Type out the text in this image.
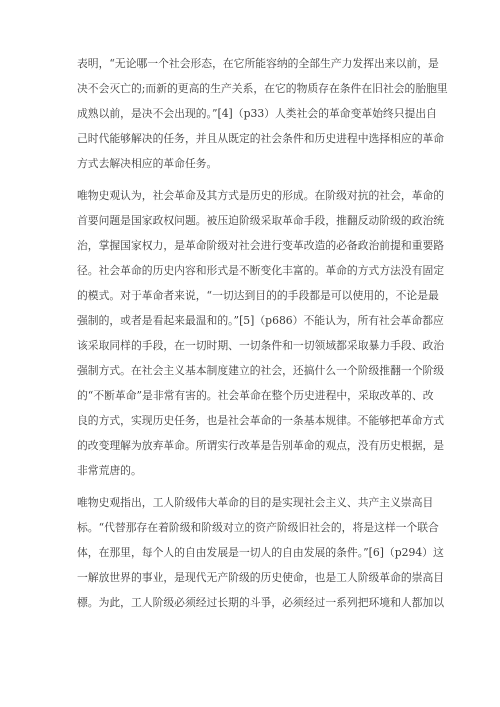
表明，“无论哪一个社会形态，在它所能容纳的全部生产力发挥出来以前，是
决不会灭亡的;而新的更高的生产关系，在它的物质存在条件在旧社会的胎胞里
成熟以前，是决不会出现的。”[4]（p33）人类社会的革命变革始终只提出自
己时代能够解决的任务，并且从既定的社会条件和历史进程中选择相应的革命
方式去解决相应的革命任务。
唯物史观认为，社会革命及其方式是历史的形成。在阶级对抗的社会，革命的
首要问题是国家政权问题。被压迫阶级采取革命手段，推翻反动阶级的政治统
治，掌握国家权力，是革命阶级对社会进行变革改造的必备政治前提和重要路
径。社会革命的历史内容和形式是不断变化丰富的。革命的方式方法没有固定
的模式。对于革命者来说，“一切达到目的的手段都是可以使用的，不论是最
强制的，或者是看起来最温和的。”[5]（p686）不能认为，所有社会革命都应
该采取同样的手段，在一切时期、一切条件和一切领域都采取暴力手段、政治
强制方式。在社会主义基本制度建立的社会，还搞什么一个阶级推翻一个阶级
的“不断革命”是非常有害的。社会革命在整个历史进程中，采取改革的、改
良的方式，实现历史任务，也是社会革命的一条基本规律。不能够把革命方式
的改变理解为放弃革命。所谓实行改革是告别革命的观点，没有历史根据，是
非常荒唐的。
唯物史观指出，工人阶级伟大革命的目的是实现社会主义、共产主义崇高目
标。“代替那存在着阶级和阶级对立的资产阶级旧社会的，将是这样一个联合
体，在那里，每个人的自由发展是一切人的自由发展的条件。”[6]（p294）这
一解放世界的事业，是现代无产阶级的历史使命，也是工人阶级革命的崇高目
標。为此，工人阶级必须经过长期的斗爭，必须经过一系列把环境和人都加以
